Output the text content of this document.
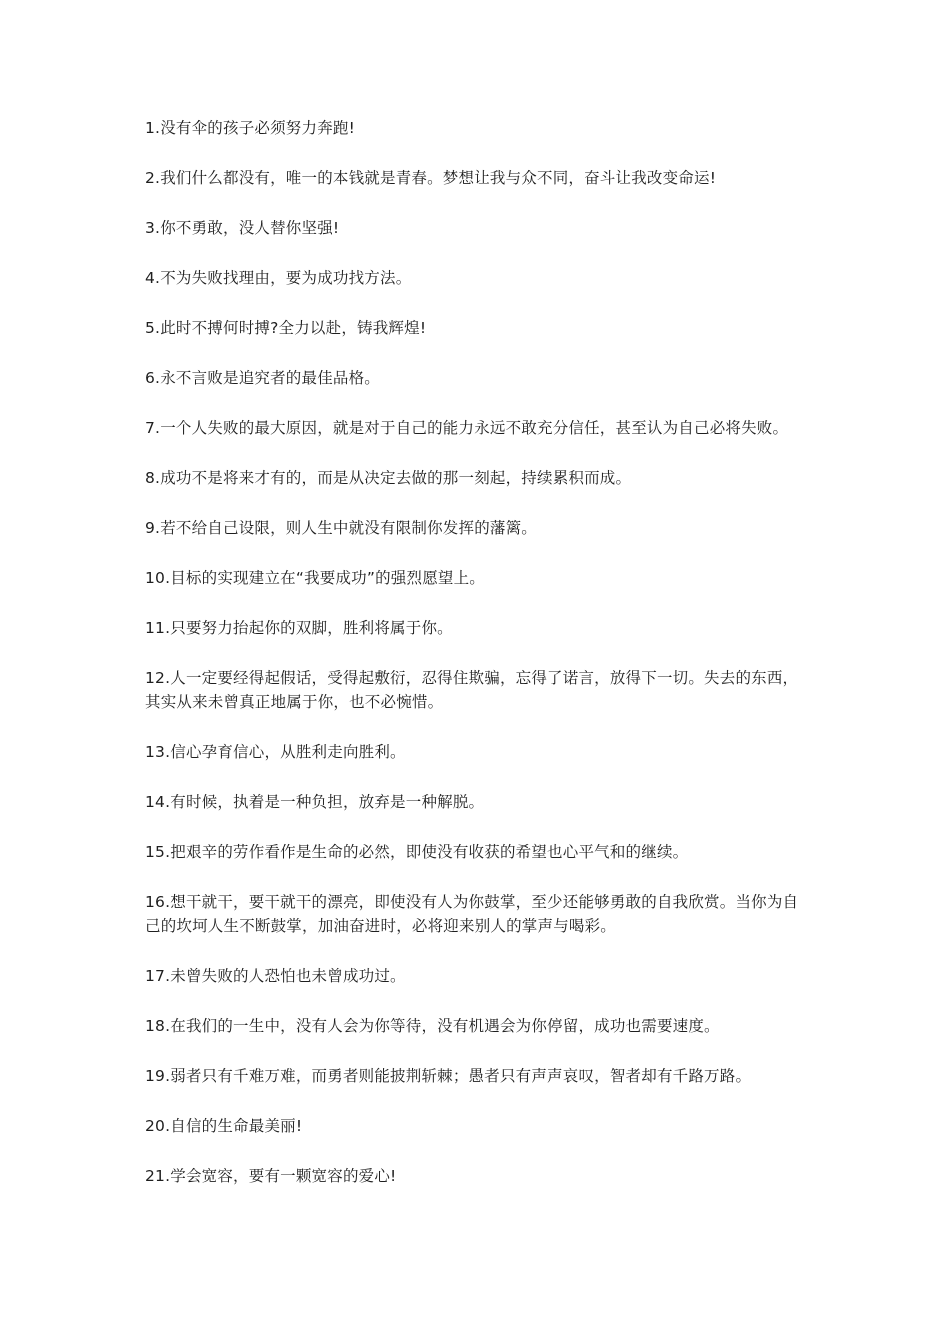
1.没有伞的孩子必须努力奔跑!
2.我们什么都没有，唯一的本钱就是青春。梦想让我与众不同，奋斗让我改变命运!
3.你不勇敢，没人替你坚强!
4.不为失败找理由，要为成功找方法。
5.此时不搏何时搏?全力以赴，铸我辉煌!
6.永不言败是追究者的最佳品格。
7.一个人失败的最大原因，就是对于自己的能力永远不敢充分信任，甚至认为自己必将失败。
8.成功不是将来才有的，而是从决定去做的那一刻起，持续累积而成。
9.若不给自己设限，则人生中就没有限制你发挥的藩篱。
10.目标的实现建立在“我要成功”的强烈愿望上。
11.只要努力抬起你的双脚，胜利将属于你。
12.人一定要经得起假话，受得起敷衍，忍得住欺骗，忘得了诺言，放得下一切。失去的东西，其实从来未曾真正地属于你，也不必惋惜。
13.信心孕育信心，从胜利走向胜利。
14.有时候，执着是一种负担，放弃是一种解脱。
15.把艰辛的劳作看作是生命的必然，即使没有收获的希望也心平气和的继续。
16.想干就干，要干就干的漂亮，即使没有人为你鼓掌，至少还能够勇敢的自我欣赏。当你为自己的坎坷人生不断鼓掌，加油奋进时，必将迎来别人的掌声与喝彩。
17.未曾失败的人恐怕也未曾成功过。
18.在我们的一生中，没有人会为你等待，没有机遇会为你停留，成功也需要速度。
19.弱者只有千难万难，而勇者则能披荆斩棘；愚者只有声声哀叹，智者却有千路万路。
20.自信的生命最美丽!
21.学会宽容，要有一颗宽容的爱心!
